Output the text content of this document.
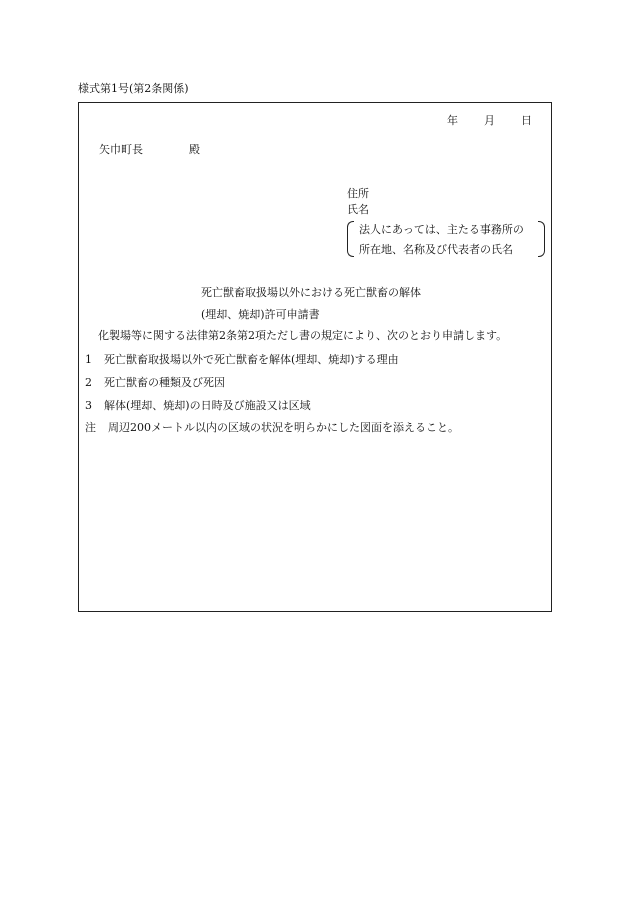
様式第1号(第2条関係)
年 月 日
矢巾町長	殿
住所
氏名
法人にあっては、主たる事務所の
所在地、名称及び代表者の氏名
死亡獣畜取扱場以外における死亡獣畜の解体
(埋却、焼却)許可申請書
化製場等に関する法律第2条第2項ただし書の規定により、次のとおり申請します。
1 死亡獣畜取扱場以外で死亡獣畜を解体(埋却、焼却)する理由
2 死亡獣畜の種類及び死因
3 解体(埋却、焼却)の日時及び施設又は区域
注 周辺200メートル以内の区域の状況を明らかにした図面を添えること。
